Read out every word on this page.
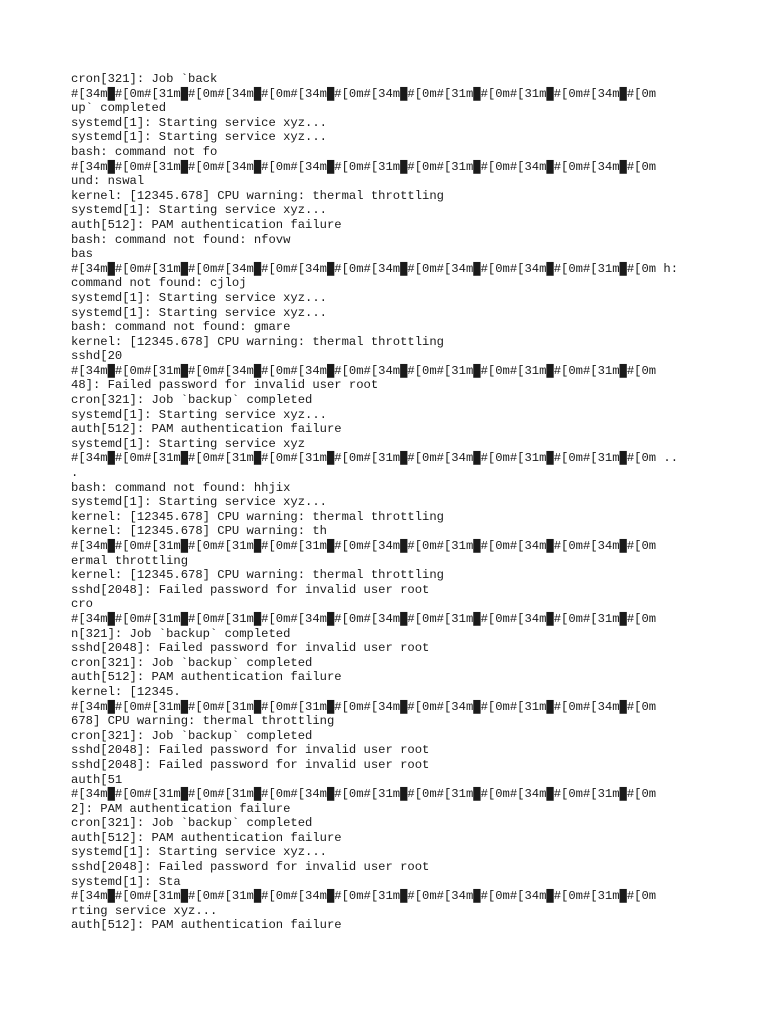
cron[321]: Job `back
#[34m█#[0m#[31m█#[0m#[34m█#[0m#[34m█#[0m#[34m█#[0m#[31m█#[0m#[31m█#[0m#[34m█#[0m
up` completed
systemd[1]: Starting service xyz...
systemd[1]: Starting service xyz...
bash: command not fo
#[34m█#[0m#[31m█#[0m#[34m█#[0m#[34m█#[0m#[31m█#[0m#[31m█#[0m#[34m█#[0m#[34m█#[0m
und: nswal
kernel: [12345.678] CPU warning: thermal throttling
systemd[1]: Starting service xyz...
auth[512]: PAM authentication failure
bash: command not found: nfovw
bas
#[34m█#[0m#[31m█#[0m#[34m█#[0m#[34m█#[0m#[34m█#[0m#[34m█#[0m#[34m█#[0m#[31m█#[0m h:
command not found: cjloj
systemd[1]: Starting service xyz...
systemd[1]: Starting service xyz...
bash: command not found: gmare
kernel: [12345.678] CPU warning: thermal throttling
sshd[20
#[34m█#[0m#[31m█#[0m#[34m█#[0m#[34m█#[0m#[34m█#[0m#[31m█#[0m#[31m█#[0m#[31m█#[0m
48]: Failed password for invalid user root
cron[321]: Job `backup` completed
systemd[1]: Starting service xyz...
auth[512]: PAM authentication failure
systemd[1]: Starting service xyz
#[34m█#[0m#[31m█#[0m#[31m█#[0m#[31m█#[0m#[31m█#[0m#[34m█#[0m#[31m█#[0m#[31m█#[0m ..
.
bash: command not found: hhjix
systemd[1]: Starting service xyz...
kernel: [12345.678] CPU warning: thermal throttling
kernel: [12345.678] CPU warning: th
#[34m█#[0m#[31m█#[0m#[31m█#[0m#[31m█#[0m#[34m█#[0m#[31m█#[0m#[34m█#[0m#[34m█#[0m
ermal throttling
kernel: [12345.678] CPU warning: thermal throttling
sshd[2048]: Failed password for invalid user root
cro
#[34m█#[0m#[31m█#[0m#[31m█#[0m#[34m█#[0m#[34m█#[0m#[31m█#[0m#[34m█#[0m#[31m█#[0m
n[321]: Job `backup` completed
sshd[2048]: Failed password for invalid user root
cron[321]: Job `backup` completed
auth[512]: PAM authentication failure
kernel: [12345.
#[34m█#[0m#[31m█#[0m#[31m█#[0m#[31m█#[0m#[34m█#[0m#[34m█#[0m#[31m█#[0m#[34m█#[0m
678] CPU warning: thermal throttling
cron[321]: Job `backup` completed
sshd[2048]: Failed password for invalid user root
sshd[2048]: Failed password for invalid user root
auth[51
#[34m█#[0m#[31m█#[0m#[31m█#[0m#[34m█#[0m#[31m█#[0m#[31m█#[0m#[34m█#[0m#[31m█#[0m
2]: PAM authentication failure
cron[321]: Job `backup` completed
auth[512]: PAM authentication failure
systemd[1]: Starting service xyz...
sshd[2048]: Failed password for invalid user root
systemd[1]: Sta
#[34m█#[0m#[31m█#[0m#[31m█#[0m#[34m█#[0m#[31m█#[0m#[34m█#[0m#[34m█#[0m#[31m█#[0m
rting service xyz...
auth[512]: PAM authentication failure
